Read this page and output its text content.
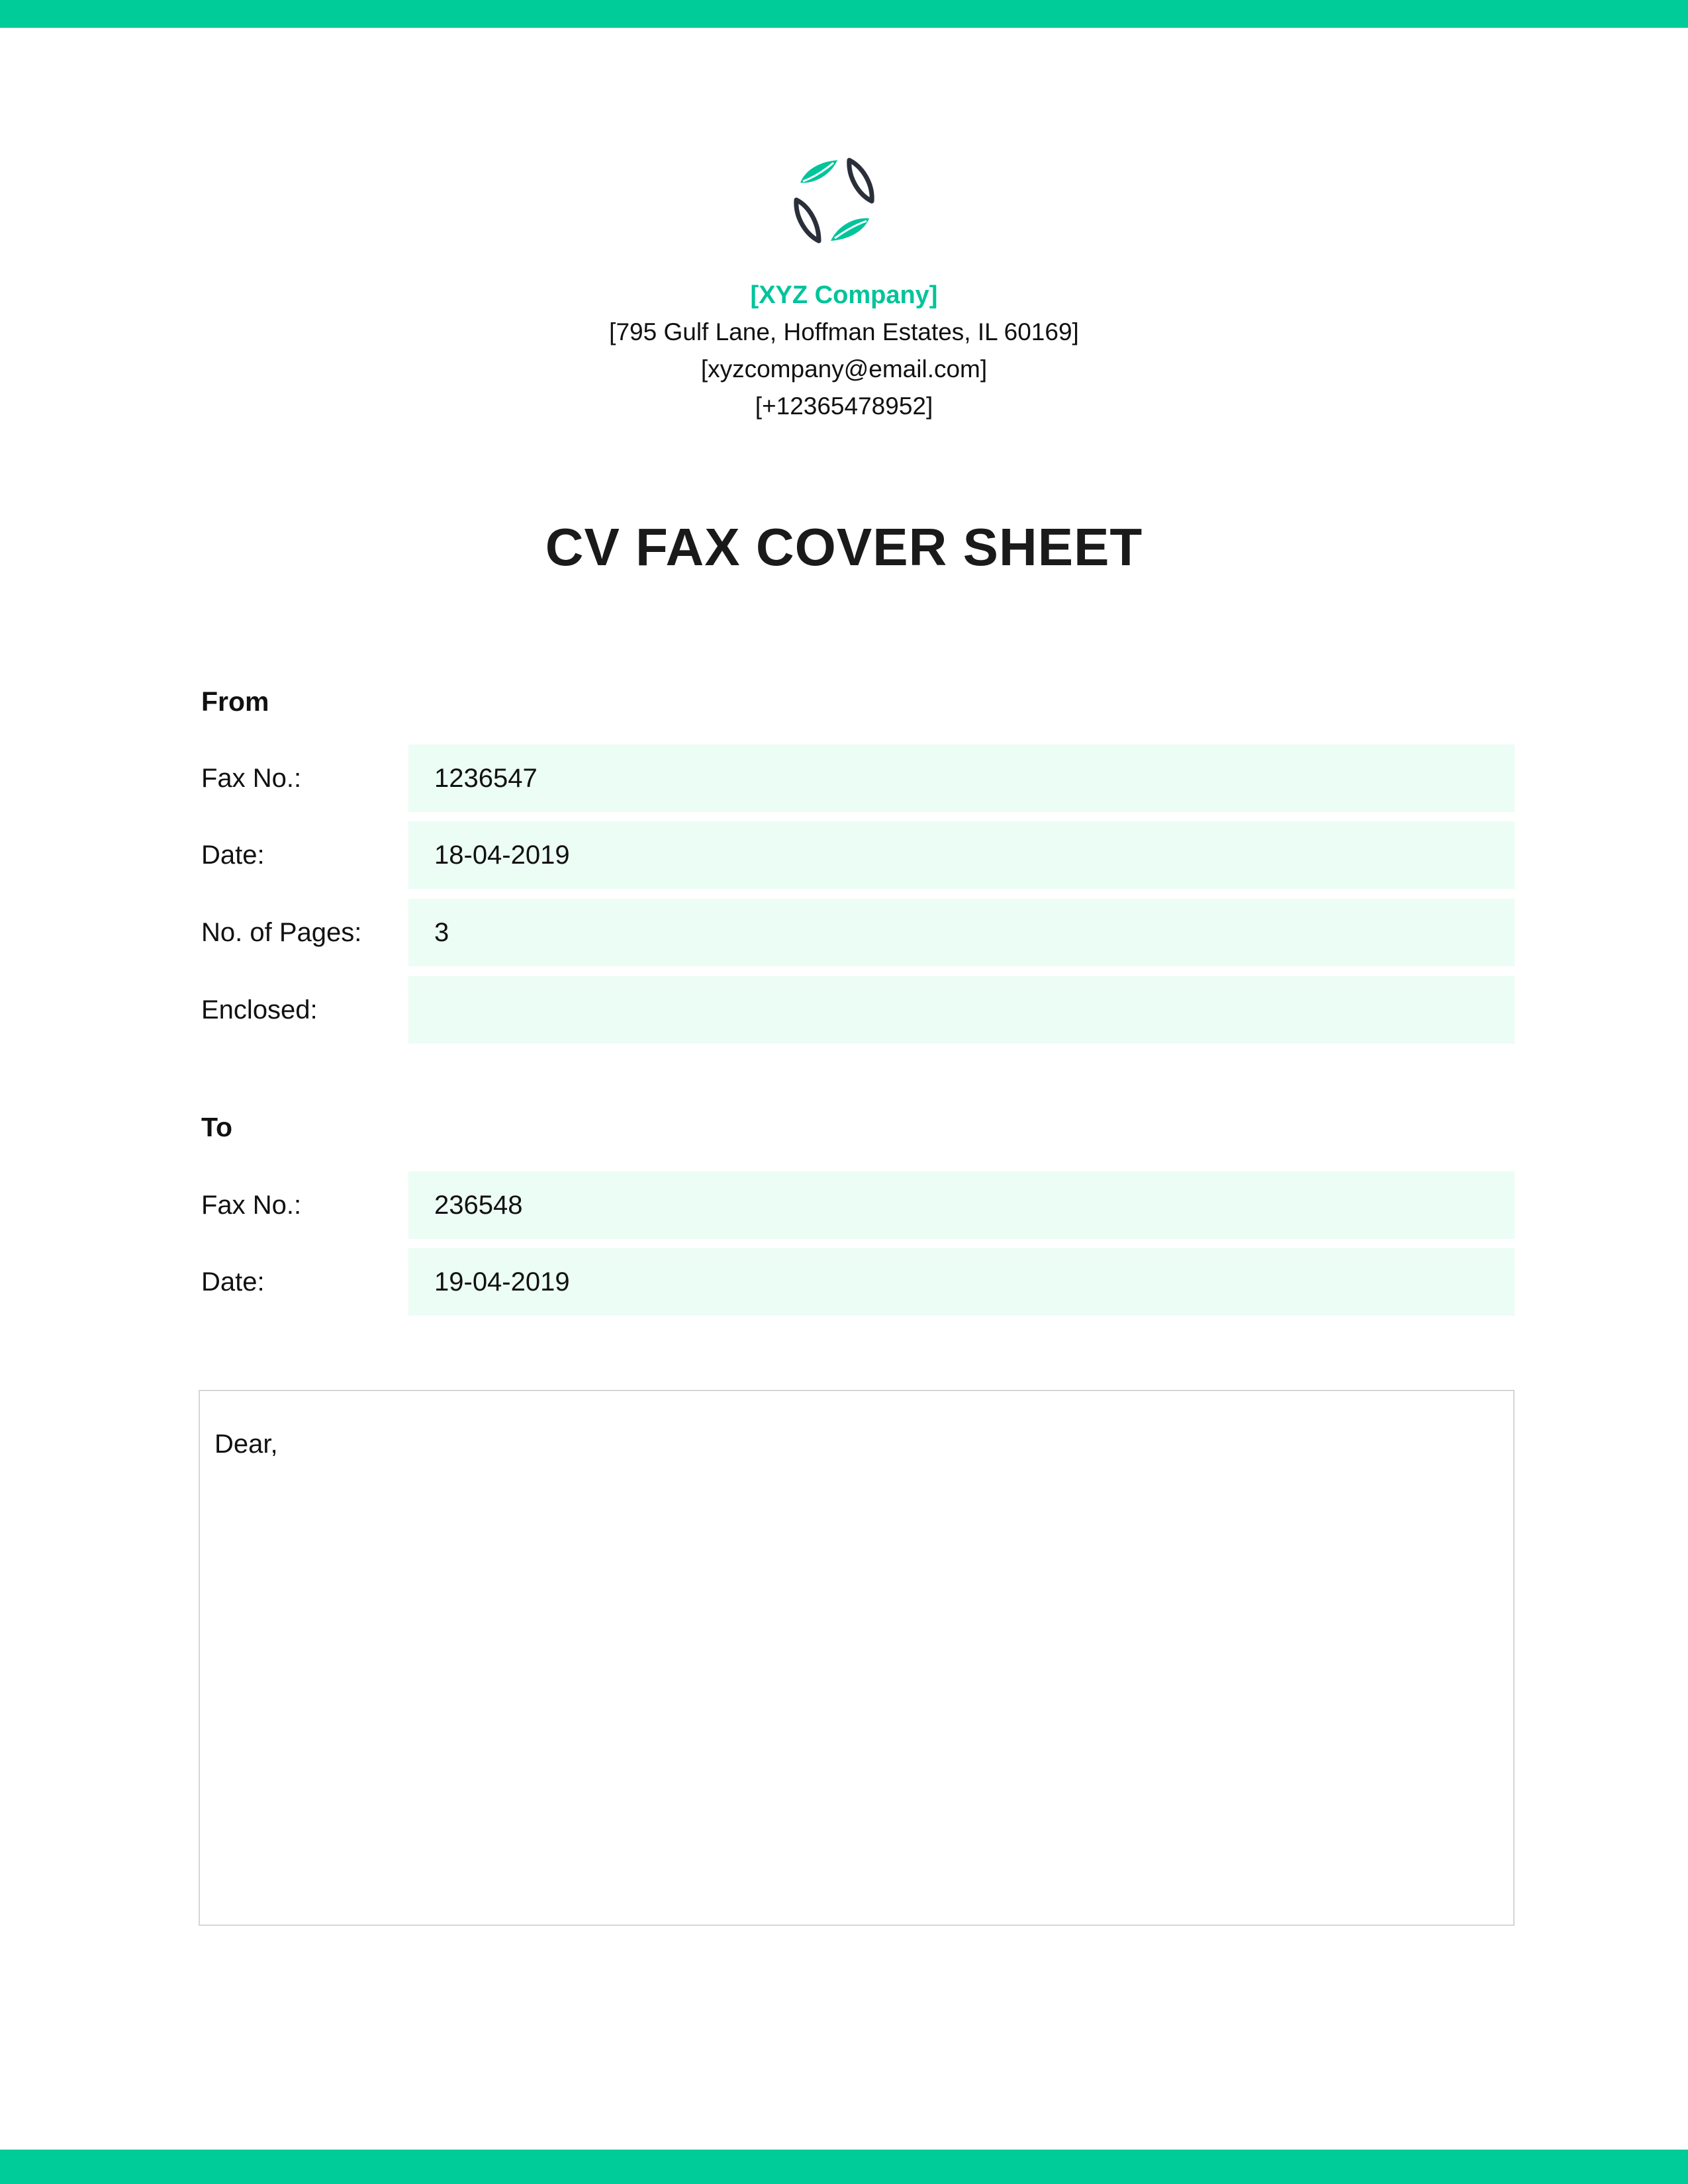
[XYZ Company]
[795 Gulf Lane, Hoffman Estates, IL 60169]
[xyzcompany@email.com]
[+12365478952]
CV FAX COVER SHEET
From
Fax No.:	1236547
Date:	18-04-2019
No. of Pages:	3
Enclosed:
To
Fax No.:	236548
Date:	19-04-2019
Dear,
